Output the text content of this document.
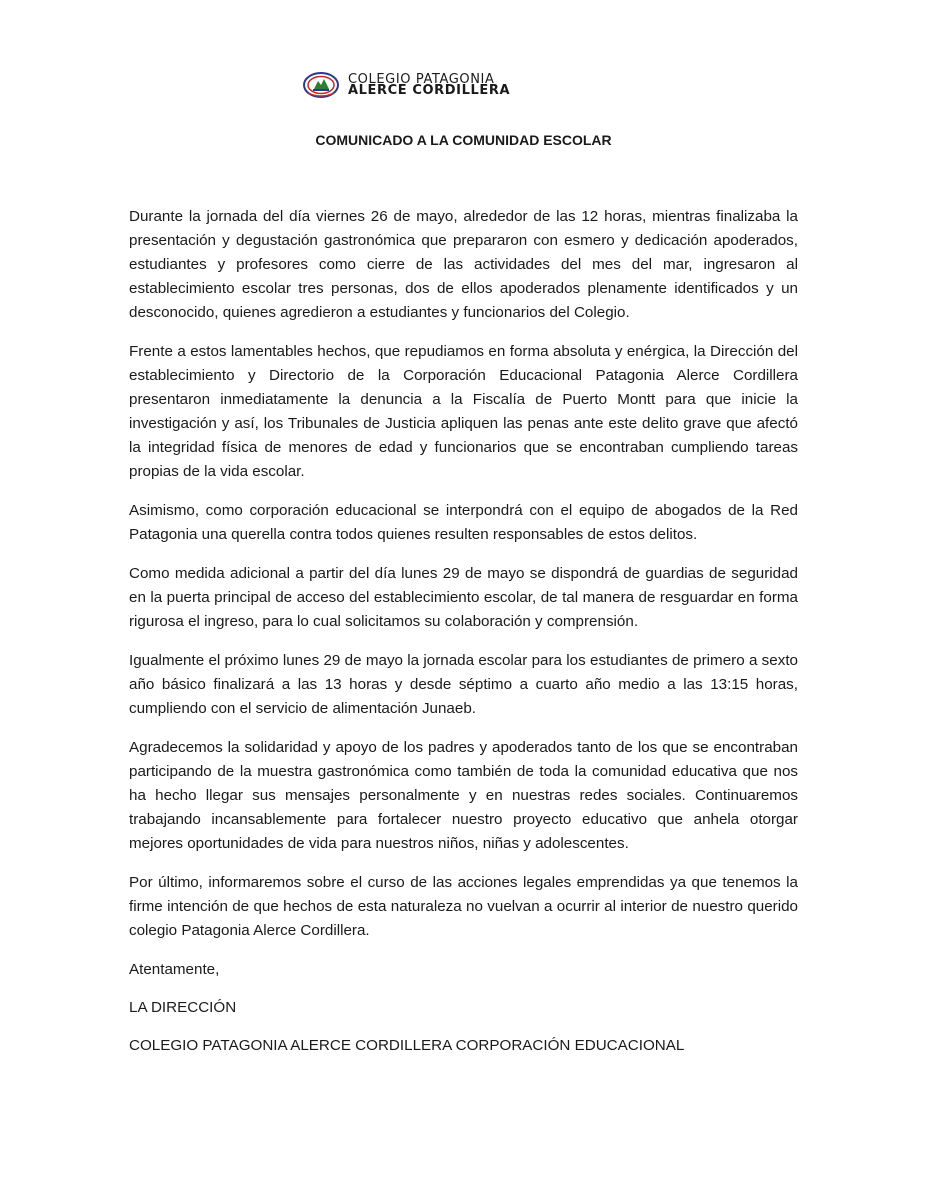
COLEGIO PATAGONIA
ALERCE CORDILLERA
COMUNICADO A LA COMUNIDAD ESCOLAR

Durante la jornada del día viernes 26 de mayo, alrededor de las 12 horas, mientras finalizaba la presentación y degustación gastronómica que prepararon con esmero y dedicación apoderados, estudiantes y profesores como cierre de las actividades del mes del mar, ingresaron al establecimiento escolar tres personas, dos de ellos apoderados plenamente identificados y un desconocido, quienes agredieron a estudiantes y funcionarios del Colegio.

Frente a estos lamentables hechos, que repudiamos en forma absoluta y enérgica, la Dirección del establecimiento y Directorio de la Corporación Educacional Patagonia Alerce Cordillera presentaron inmediatamente la denuncia a la Fiscalía de Puerto Montt para que inicie la investigación y así, los Tribunales de Justicia apliquen las penas ante este delito grave que afectó la integridad física de menores de edad y funcionarios que se encontraban cumpliendo tareas propias de la vida escolar.

Asimismo, como corporación educacional se interpondrá con el equipo de abogados de la Red Patagonia una querella contra todos quienes resulten responsables de estos delitos.

Como medida adicional a partir del día lunes 29 de mayo se dispondrá de guardias de seguridad en la puerta principal de acceso del establecimiento escolar, de tal manera de resguardar en forma rigurosa el ingreso, para lo cual solicitamos su colaboración y comprensión.

Igualmente el próximo lunes 29 de mayo la jornada escolar para los estudiantes de primero a sexto año básico finalizará a las 13 horas y desde séptimo a cuarto año medio a las 13:15 horas, cumpliendo con el servicio de alimentación Junaeb.

Agradecemos la solidaridad y apoyo de los padres y apoderados tanto de los que se encontraban participando de la muestra gastronómica como también de toda la comunidad educativa que nos ha hecho llegar sus mensajes personalmente y en nuestras redes sociales. Continuaremos trabajando incansablemente para fortalecer nuestro proyecto educativo que anhela otorgar mejores oportunidades de vida para nuestros niños, niñas y adolescentes.

Por último, informaremos sobre el curso de las acciones legales emprendidas ya que tenemos la firme intención de que hechos de esta naturaleza no vuelvan a ocurrir al interior de nuestro querido colegio Patagonia Alerce Cordillera.

Atentamente,

LA DIRECCIÓN

COLEGIO PATAGONIA ALERCE CORDILLERA CORPORACIÓN EDUCACIONAL
